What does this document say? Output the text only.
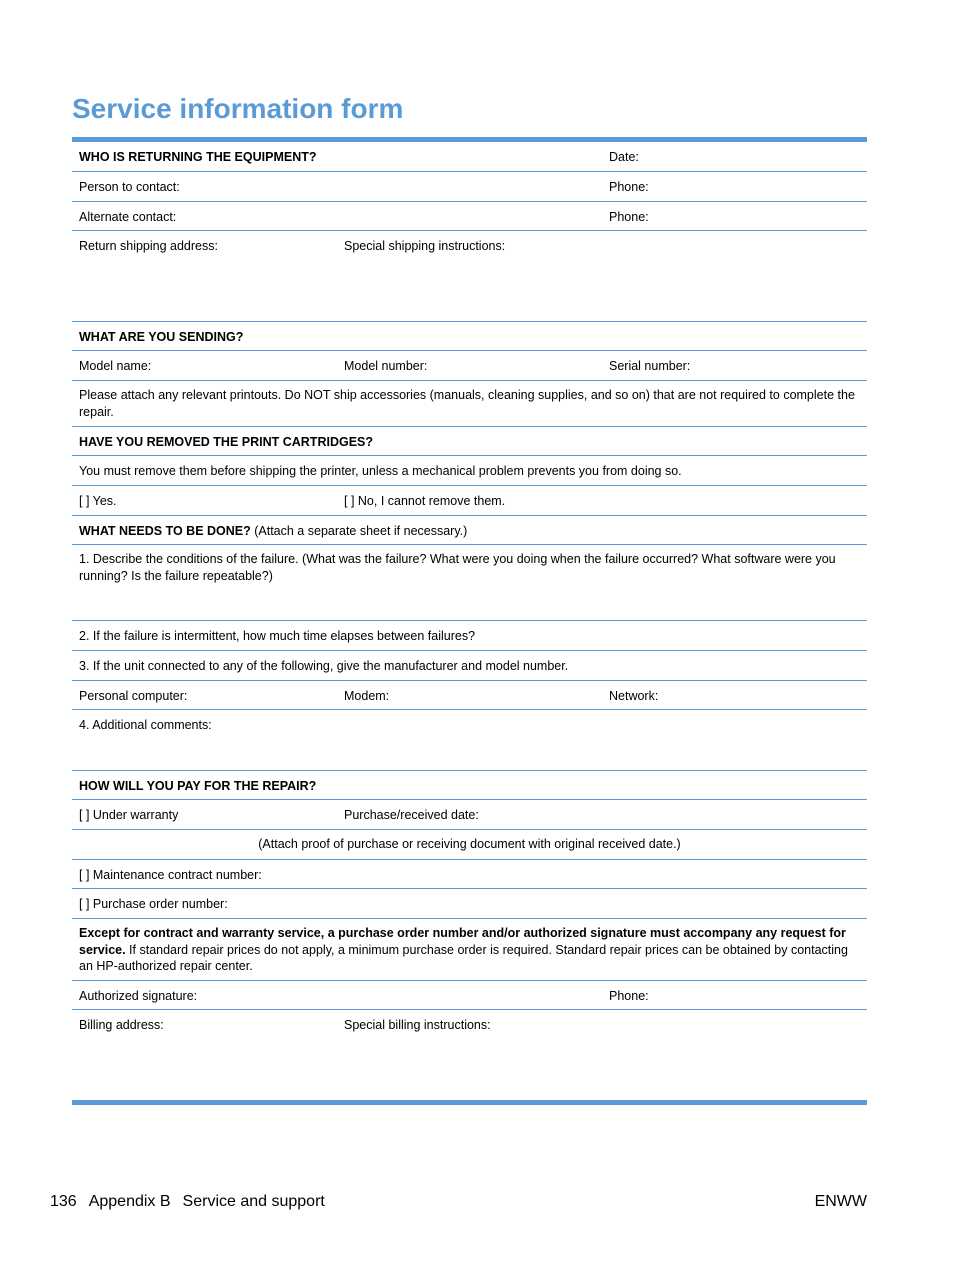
Service information form
WHO IS RETURNING THE EQUIPMENT?	Date:
Person to contact:	Phone:
Alternate contact:	Phone:
Return shipping address:	Special shipping instructions:
WHAT ARE YOU SENDING?
Model name:	Model number:	Serial number:
Please attach any relevant printouts. Do NOT ship accessories (manuals, cleaning supplies, and so on) that are not required to complete the repair.
HAVE YOU REMOVED THE PRINT CARTRIDGES?
You must remove them before shipping the printer, unless a mechanical problem prevents you from doing so.
[ ] Yes.	[ ] No, I cannot remove them.
WHAT NEEDS TO BE DONE? (Attach a separate sheet if necessary.)
1. Describe the conditions of the failure. (What was the failure? What were you doing when the failure occurred? What software were you running? Is the failure repeatable?)
2. If the failure is intermittent, how much time elapses between failures?
3. If the unit connected to any of the following, give the manufacturer and model number.
Personal computer:	Modem:	Network:
4. Additional comments:
HOW WILL YOU PAY FOR THE REPAIR?
[ ] Under warranty	Purchase/received date:
(Attach proof of purchase or receiving document with original received date.)
[ ] Maintenance contract number:
[ ] Purchase order number:
Except for contract and warranty service, a purchase order number and/or authorized signature must accompany any request for service. If standard repair prices do not apply, a minimum purchase order is required. Standard repair prices can be obtained by contacting an HP-authorized repair center.
Authorized signature:	Phone:
Billing address:	Special billing instructions:
136 Appendix B Service and support	ENWW
